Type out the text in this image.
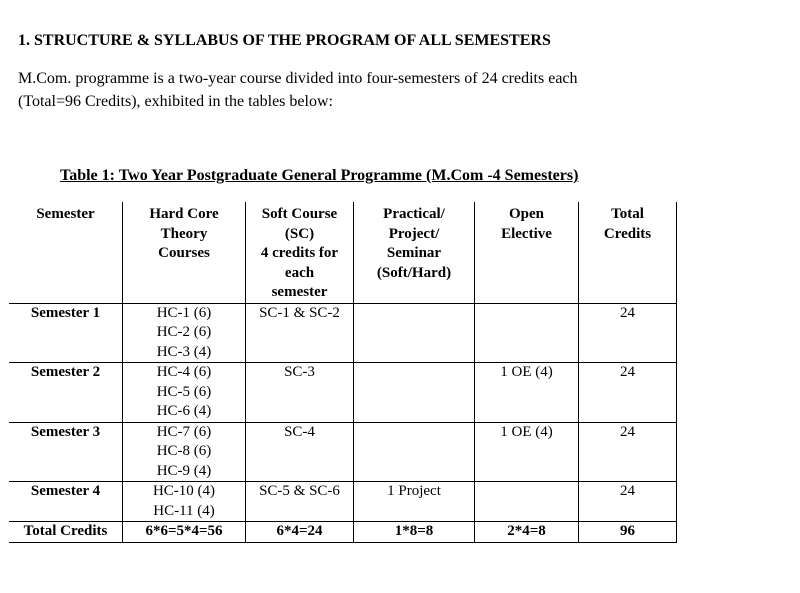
1. STRUCTURE & SYLLABUS OF THE PROGRAM OF ALL SEMESTERS

M.Com. programme is a two-year course divided into four-semesters of 24 credits each
(Total=96 Credits), exhibited in the tables below:

Table 1: Two Year Postgraduate General Programme (M.Com -4 Semesters)

Semester	Hard Core
Theory
Courses	Soft Course
(SC)
4 credits for
each
semester	Practical/
Project/
Seminar
(Soft/Hard)	Open
Elective	Total
Credits

Semester 1	HC-1 (6)
HC-2 (6)
HC-3 (4)	SC-1 & SC-2			24
Semester 2	HC-4 (6)
HC-5 (6)
HC-6 (4)	SC-3		1 OE (4)	24
Semester 3	HC-7 (6)
HC-8 (6)
HC-9 (4)	SC-4		1 OE (4)	24
Semester 4	HC-10 (4)
HC-11 (4)	SC-5 & SC-6	1 Project		24
Total Credits	6*6=5*4=56	6*4=24	1*8=8	2*4=8	96
